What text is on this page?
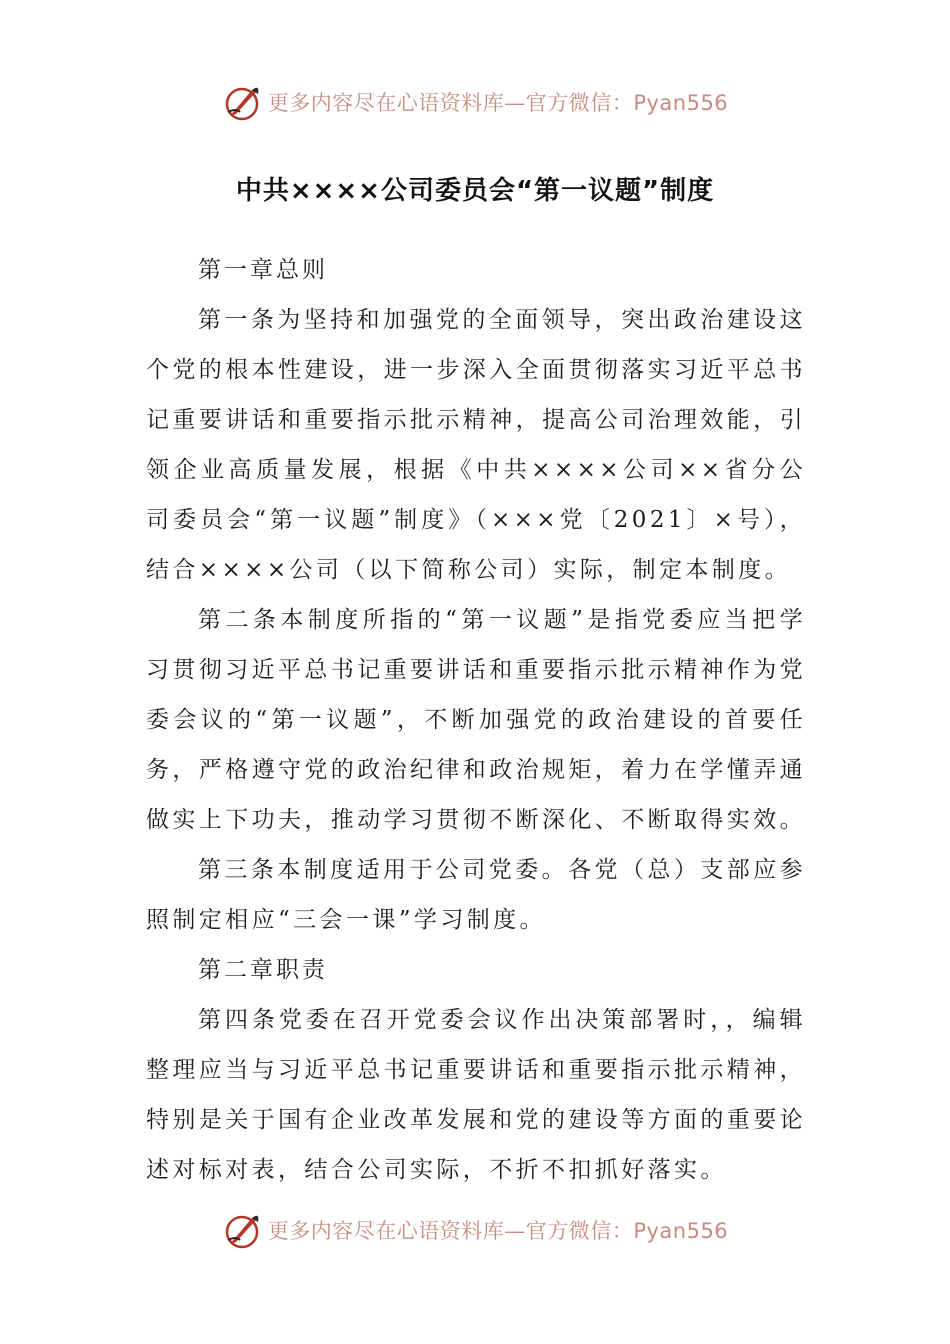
更多内容尽在心语资料库—官方微信：Pyan556
中共××××公司委员会“第一议题”制度

第一章总则

第一条为坚持和加强党的全面领导，突出政治建设这个党的根本性建设，进一步深入全面贯彻落实习近平总书记重要讲话和重要指示批示精神，提高公司治理效能，引领企业高质量发展，根据《中共××××公司××省分公司委员会“第一议题”制度》（×××党〔2021〕×号），结合××××公司（以下简称公司）实际，制定本制度。

第二条本制度所指的“第一议题”是指党委应当把学习贯彻习近平总书记重要讲话和重要指示批示精神作为党委会议的“第一议题”，不断加强党的政治建设的首要任务，严格遵守党的政治纪律和政治规矩，着力在学懂弄通做实上下功夫，推动学习贯彻不断深化、不断取得实效。

第三条本制度适用于公司党委。各党（总）支部应参照制定相应“三会一课”学习制度。

第二章职责

第四条党委在召开党委会议作出决策部署时，，编辑整理应当与习近平总书记重要讲话和重要指示批示精神，特别是关于国有企业改革发展和党的建设等方面的重要论述对标对表，结合公司实际，不折不扣抓好落实。

更多内容尽在心语资料库—官方微信：Pyan556
